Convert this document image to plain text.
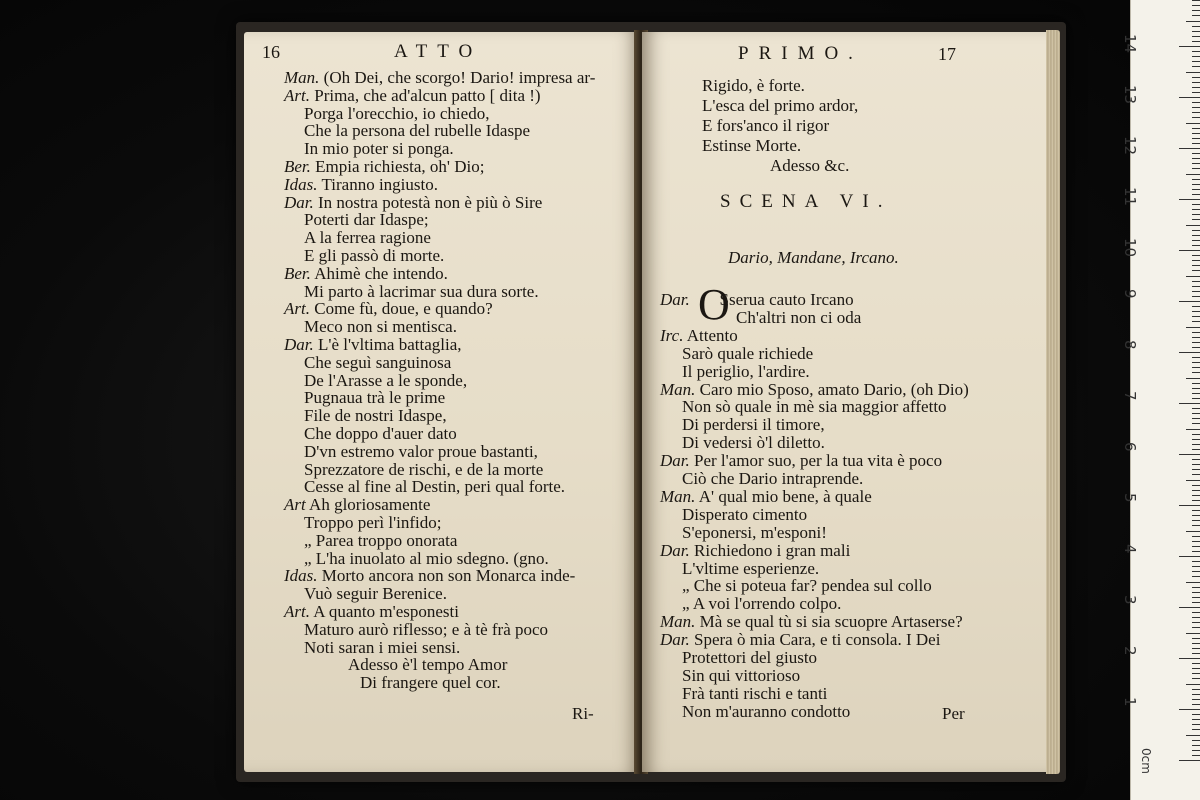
16	ATTO
Ri-
Man. (Oh Dei, che scorgo! Dario! impresa ar-
Art. Prima, che ad'alcun patto [ dita !)
Porga l'orecchio, io chiedo,
Che la persona del rubelle Idaspe
In mio poter si ponga.
Ber. Empia richiesta, oh' Dio;
Idas. Tiranno ingiusto.
Dar. In nostra potestà non è più ò Sire
Poterti dar Idaspe;
A la ferrea ragione
E gli passò di morte.
Ber. Ahimè che intendo.
Mi parto à lacrimar sua dura sorte.
Art. Come fù, doue, e quando?
Meco non si mentisca.
Dar. L'è l'vltima battaglia,
Che seguì sanguinosa
De l'Arasse a le sponde,
Pugnaua trà le prime
File de nostri Idaspe,
Che doppo d'auer dato
D'vn estremo valor proue bastanti,
Sprezzatore de rischi, e de la morte
Cesse al fine al Destin, peri qual forte.
Art Ah gloriosamente
Troppo perì l'infido;
„ Parea troppo onorata
„ L'ha inuolato al mio sdegno. (gno.
Idas. Morto ancora non son Monarca inde-
Vuò seguir Berenice.
Art. A quanto m'esponesti
Maturo aurò riflesso; e à tè frà poco
Noti saran i miei sensi.
Adesso è'l tempo Amor
Di frangere quel cor.
PRIMO.	17
SCENA VI.
Dario, Mandane, Ircano.
O
Per
Rigido, è forte.
L'esca del primo ardor,
E fors'anco il rigor
Estinse Morte.
Adesso &c.
Dar. Sserua cauto Ircano
Ch'altri non ci oda
Irc. Attento
Sarò quale richiede
Il periglio, l'ardire.
Man. Caro mio Sposo, amato Dario, (oh Dio)
Non sò quale in mè sia maggior affetto
Di perdersi il timore,
Di vedersi ò'l diletto.
Dar. Per l'amor suo, per la tua vita è poco
Ciò che Dario intraprende.
Man. A' qual mio bene, à quale
Disperato cimento
S'eponersi, m'esponi!
Dar. Richiedono i gran mali
L'vltime esperienze.
„ Che si poteua far? pendea sul collo
„ A voi l'orrendo colpo.
Man. Mà se qual tù si sia scuopre Artaserse?
Dar. Spera ò mia Cara, e ti consola. I Dei
Protettori del giusto
Sin qui vittorioso
Frà tanti rischi e tanti
Non m'auranno condotto
0cm
14
13
12
11
10
9
8
7
6
5
4
3
2
1
